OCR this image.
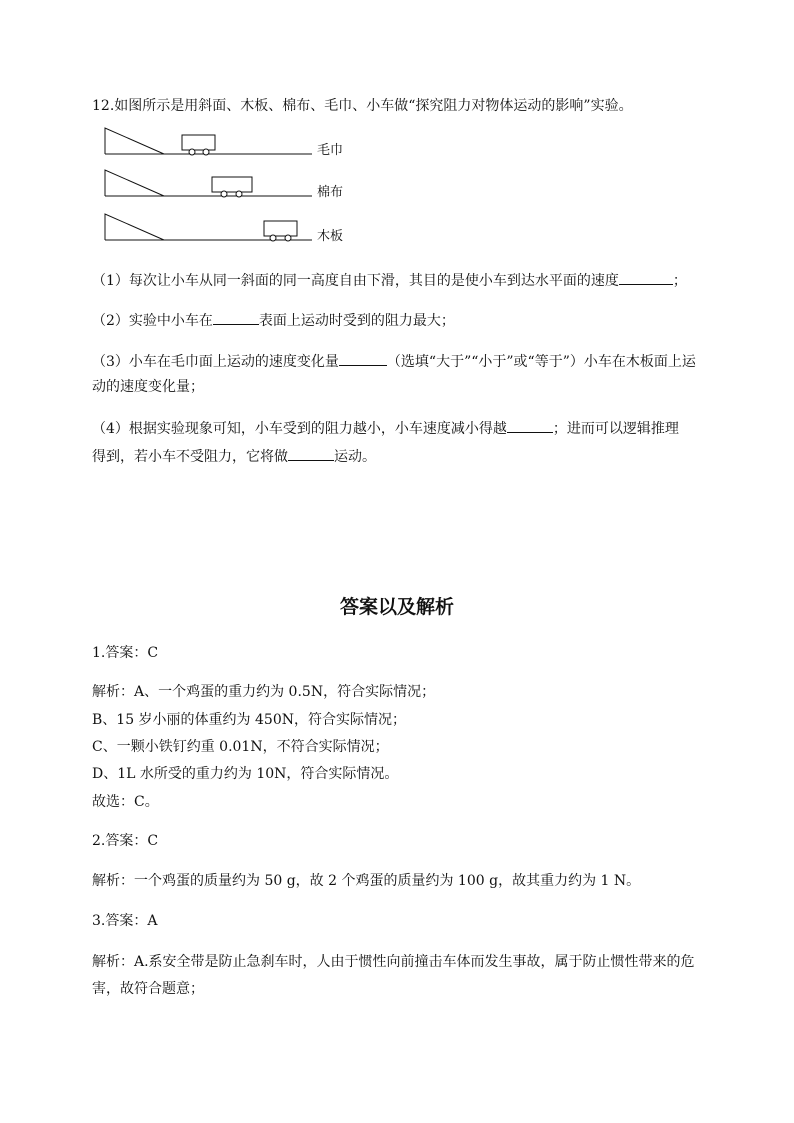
12.如图所示是用斜面、木板、棉布、毛巾、小车做“探究阻力对物体运动的影响”实验。
毛巾
棉布
木板
（1）每次让小车从同一斜面的同一高度自由下滑，其目的是使小车到达水平面的速度	；
（2）实验中小车在	表面上运动时受到的阻力最大；
（3）小车在毛巾面上运动的速度变化量	（选填“大于”“小于”或“等于”）小车在木板面上运
动的速度变化量；
（4）根据实验现象可知，小车受到的阻力越小，小车速度减小得越	；进而可以逻辑推理
得到，若小车不受阻力，它将做	运动。
答案以及解析
1.答案：C
解析：A、一个鸡蛋的重力约为 0.5N，符合实际情况；
B、15 岁小丽的体重约为 450N，符合实际情况；
C、一颗小铁钉约重 0.01N，不符合实际情况；
D、1L 水所受的重力约为 10N，符合实际情况。
故选：C。
2.答案：C
解析：一个鸡蛋的质量约为 50 g，故 2 个鸡蛋的质量约为 100 g，故其重力约为 1 N。
3.答案：A
解析：A.系安全带是防止急刹车时，人由于惯性向前撞击车体而发生事故，属于防止惯性带来的危
害，故符合题意；
